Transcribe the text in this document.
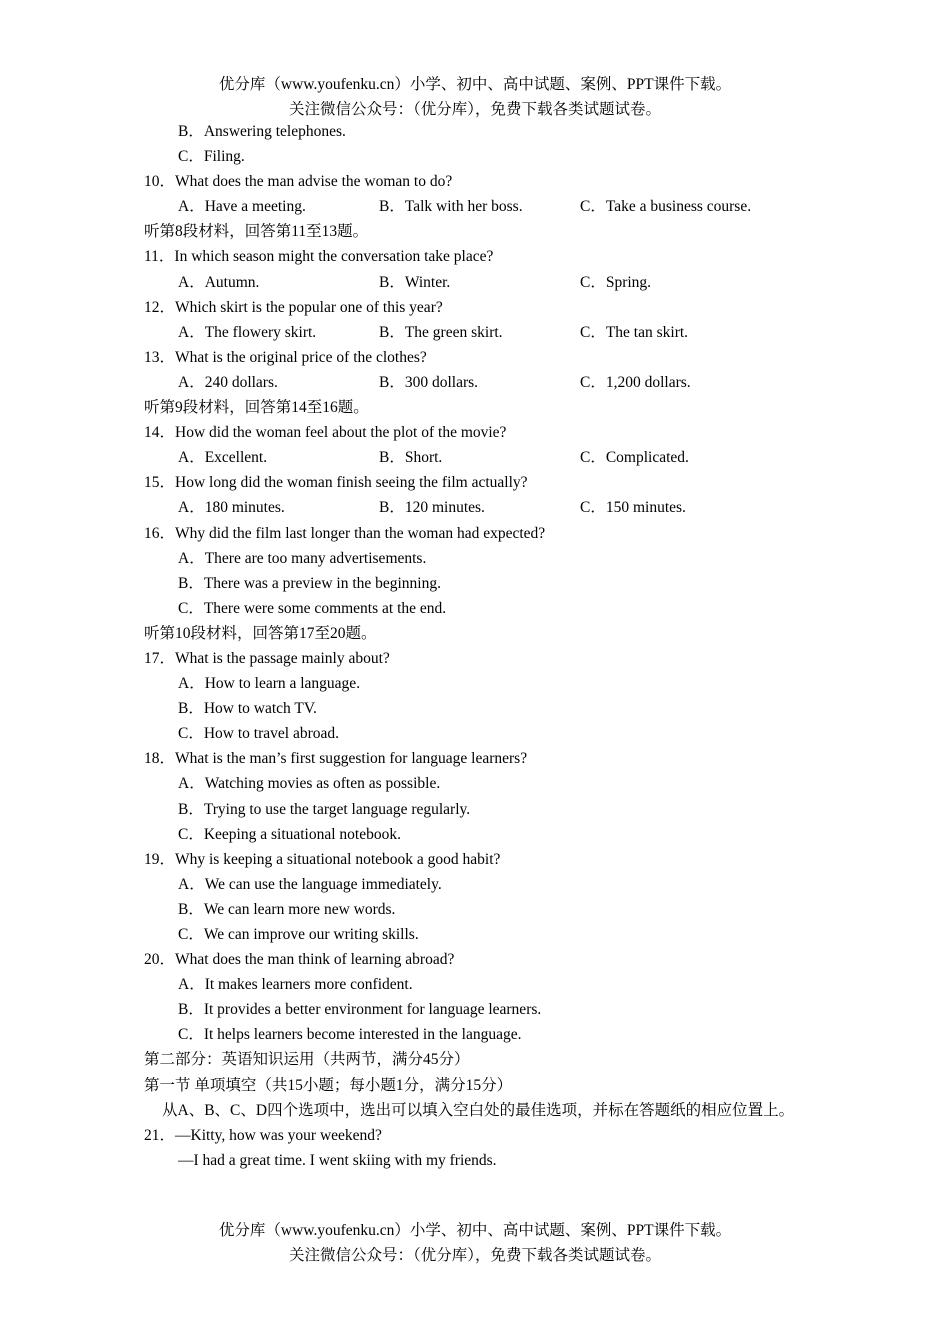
优分库（www.youfenku.cn）小学、初中、高中试题、案例、PPT课件下载。
关注微信公众号：（优分库），免费下载各类试题试卷。
B．Answering telephones.
C．Filing.
10．What does the man advise the woman to do?
A．Have a meeting.	B．Talk with her boss.	C．Take a business course.
听第8段材料，回答第11至13题。
11．In which season might the conversation take place?
A．Autumn.	B．Winter.	C．Spring.
12．Which skirt is the popular one of this year?
A．The flowery skirt.	B．The green skirt.	C．The tan skirt.
13．What is the original price of the clothes?
A．240 dollars.	B．300 dollars.	C．1,200 dollars.
听第9段材料，回答第14至16题。
14．How did the woman feel about the plot of the movie?
A．Excellent.	B．Short.	C．Complicated.
15．How long did the woman finish seeing the film actually?
A．180 minutes.	B．120 minutes.	C．150 minutes.
16．Why did the film last longer than the woman had expected?
A．There are too many advertisements.
B．There was a preview in the beginning.
C．There were some comments at the end.
听第10段材料，回答第17至20题。
17．What is the passage mainly about?
A．How to learn a language.
B．How to watch TV.
C．How to travel abroad.
18．What is the man’s first suggestion for language learners?
A．Watching movies as often as possible.
B．Trying to use the target language regularly.
C．Keeping a situational notebook.
19．Why is keeping a situational notebook a good habit?
A．We can use the language immediately.
B．We can learn more new words.
C．We can improve our writing skills.
20．What does the man think of learning abroad?
A．It makes learners more confident.
B．It provides a better environment for language learners.
C．It helps learners become interested in the language.
第二部分：英语知识运用（共两节，满分45分）
第一节 单项填空（共15小题；每小题1分，满分15分）
从A、B、C、D四个选项中，选出可以填入空白处的最佳选项，并标在答题纸的相应位置上。
21．—Kitty, how was your weekend?
—I had a great time. I went skiing with my friends.
优分库（www.youfenku.cn）小学、初中、高中试题、案例、PPT课件下载。
关注微信公众号：（优分库），免费下载各类试题试卷。
